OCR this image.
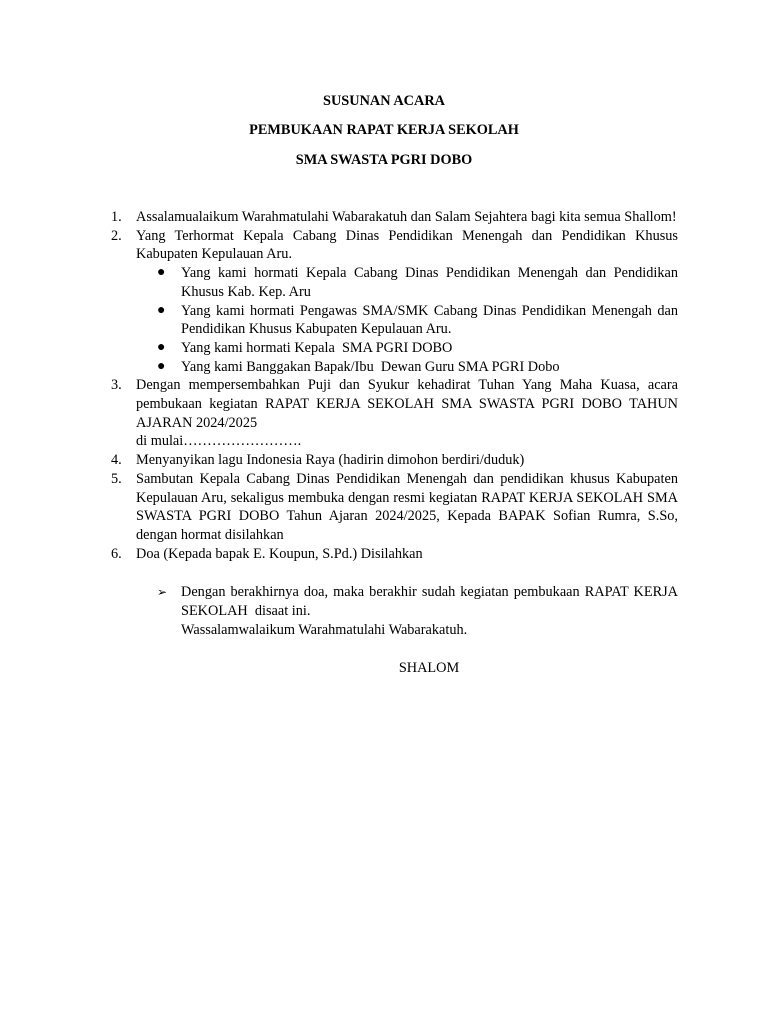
SUSUNAN ACARA
PEMBUKAAN RAPAT KERJA SEKOLAH
SMA SWASTA PGRI DOBO
1. Assalamualaikum Warahmatulahi Wabarakatuh dan Salam Sejahtera bagi kita semua Shallom!
2. Yang Terhormat Kepala Cabang Dinas Pendidikan Menengah dan Pendidikan Khusus Kabupaten Kepulauan Aru.
● Yang kami hormati Kepala Cabang Dinas Pendidikan Menengah dan Pendidikan Khusus Kab. Kep. Aru
● Yang kami hormati Pengawas SMA/SMK Cabang Dinas Pendidikan Menengah dan Pendidikan Khusus Kabupaten Kepulauan Aru.
● Yang kami hormati Kepala  SMA PGRI DOBO
● Yang kami Banggakan Bapak/Ibu  Dewan Guru SMA PGRI Dobo
3. Dengan mempersembahkan Puji dan Syukur kehadirat Tuhan Yang Maha Kuasa, acara pembukaan kegiatan RAPAT KERJA SEKOLAH SMA SWASTA PGRI DOBO TAHUN AJARAN 2024/2025
di mulai…………………….
4. Menyanyikan lagu Indonesia Raya (hadirin dimohon berdiri/duduk)
5. Sambutan Kepala Cabang Dinas Pendidikan Menengah dan pendidikan khusus Kabupaten Kepulauan Aru, sekaligus membuka dengan resmi kegiatan RAPAT KERJA SEKOLAH SMA SWASTA PGRI DOBO Tahun Ajaran 2024/2025, Kepada BAPAK Sofian Rumra, S.So, dengan hormat disilahkan
6. Doa (Kepada bapak E. Koupun, S.Pd.) Disilahkan
➢ Dengan berakhirnya doa, maka berakhir sudah kegiatan pembukaan RAPAT KERJA SEKOLAH  disaat ini.
Wassalamwalaikum Warahmatulahi Wabarakatuh.
SHALOM
